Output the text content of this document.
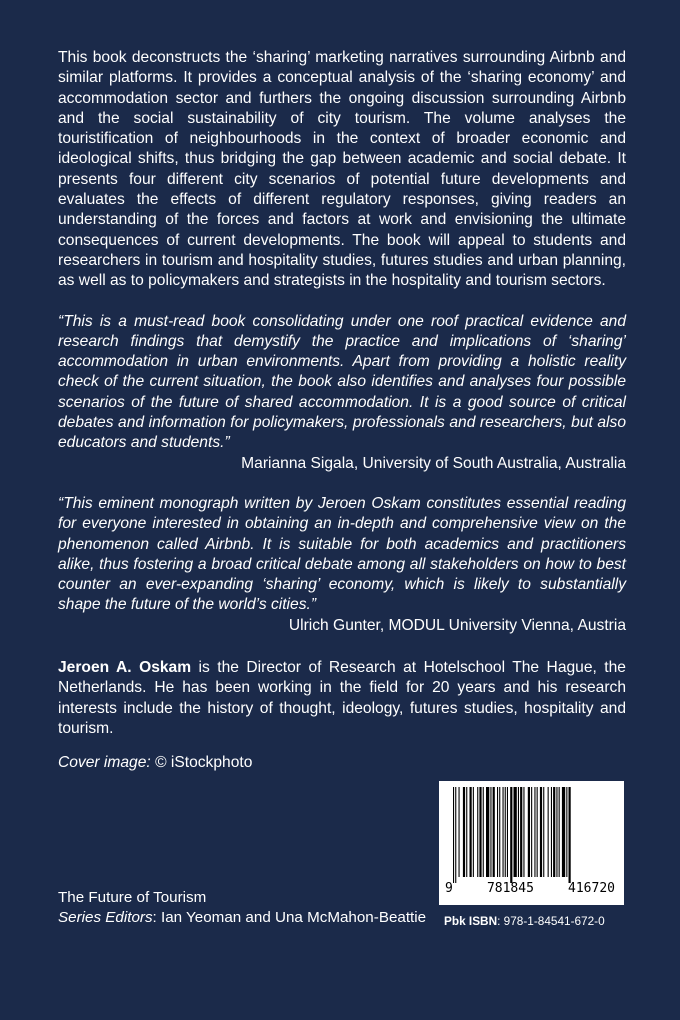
This book deconstructs the ‘sharing’ marketing narratives surrounding Airbnb and similar platforms. It provides a conceptual analysis of the ‘sharing economy’ and accommodation sector and furthers the ongoing discussion surrounding Airbnb and the social sustainability of city tourism. The volume analyses the touristification of neighbourhoods in the context of broader economic and ideological shifts, thus bridging the gap between academic and social debate. It presents four different city scenarios of potential future developments and evaluates the effects of different regulatory responses, giving readers an understanding of the forces and factors at work and envisioning the ultimate consequences of current developments. The book will appeal to students and researchers in tourism and hospitality studies, futures studies and urban planning, as well as to policymakers and strategists in the hospitality and tourism sectors.

“This is a must-read book consolidating under one roof practical evidence and research findings that demystify the practice and implications of ‘sharing’ accommodation in urban environments. Apart from providing a holistic reality check of the current situation, the book also identifies and analyses four possible scenarios of the future of shared accommodation. It is a good source of critical debates and information for policymakers, professionals and researchers, but also educators and students.”

Marianna Sigala, University of South Australia, Australia

“This eminent monograph written by Jeroen Oskam constitutes essential reading for everyone interested in obtaining an in-depth and comprehensive view on the phenomenon called Airbnb. It is suitable for both academics and practitioners alike, thus fostering a broad critical debate among all stakeholders on how to best counter an ever-expanding ‘sharing’ economy, which is likely to substantially shape the future of the world’s cities.”

Ulrich Gunter, MODUL University Vienna, Austria

Jeroen A. Oskam is the Director of Research at Hotelschool The Hague, the Netherlands. He has been working in the field for 20 years and his research interests include the history of thought, ideology, futures studies, hospitality and tourism.

Cover image: © iStockphoto
The Future of Tourism
Series Editors: Ian Yeoman and Una McMahon-Beattie
9	781845	416720
Pbk ISBN: 978-1-84541-672-0
